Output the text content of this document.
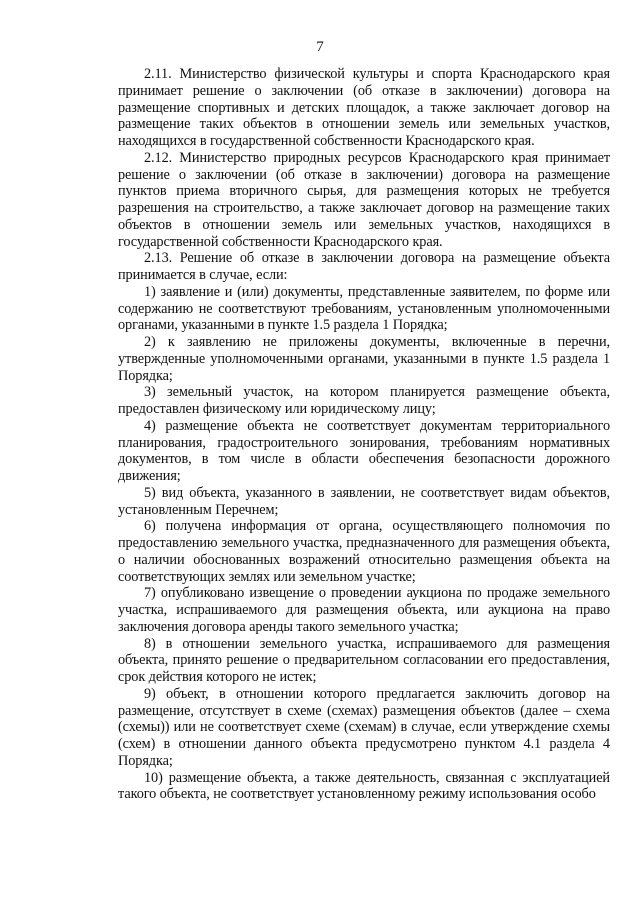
7

2.11. Министерство физической культуры и спорта Краснодарского края принимает решение о заключении (об отказе в заключении) договора на размещение спортивных и детских площадок, а также заключает договор на размещение таких объектов в отношении земель или земельных участков, находящихся в государственной собственности Краснодарского края.

2.12. Министерство природных ресурсов Краснодарского края принимает решение о заключении (об отказе в заключении) договора на размещение пунктов приема вторичного сырья, для размещения которых не требуется разрешения на строительство, а также заключает договор на размещение таких объектов в отношении земель или земельных участков, находящихся в государственной собственности Краснодарского края.

2.13. Решение об отказе в заключении договора на размещение объекта принимается в случае, если:

1) заявление и (или) документы, представленные заявителем, по форме или содержанию не соответствуют требованиям, установленным уполномоченными органами, указанными в пункте 1.5 раздела 1 Порядка;

2) к заявлению не приложены документы, включенные в перечни, утвержденные уполномоченными органами, указанными в пункте 1.5 раздела 1 Порядка;

3) земельный участок, на котором планируется размещение объекта, предоставлен физическому или юридическому лицу;

4) размещение объекта не соответствует документам территориального планирования, градостроительного зонирования, требованиям нормативных документов, в том числе в области обеспечения безопасности дорожного движения;

5) вид объекта, указанного в заявлении, не соответствует видам объектов, установленным Перечнем;

6) получена информация от органа, осуществляющего полномочия по предоставлению земельного участка, предназначенного для размещения объекта, о наличии обоснованных возражений относительно размещения объекта на соответствующих землях или земельном участке;

7) опубликовано извещение о проведении аукциона по продаже земельного участка, испрашиваемого для размещения объекта, или аукциона на право заключения договора аренды такого земельного участка;

8) в отношении земельного участка, испрашиваемого для размещения объекта, принято решение о предварительном согласовании его предоставления, срок действия которого не истек;

9) объект, в отношении которого предлагается заключить договор на размещение, отсутствует в схеме (схемах) размещения объектов (далее – схема (схемы)) или не соответствует схеме (схемам) в случае, если утверждение схемы (схем) в отношении данного объекта предусмотрено пунктом 4.1 раздела 4 Порядка;

10) размещение объекта, а также деятельность, связанная с эксплуатацией такого объекта, не соответствует установленному режиму использования особо
